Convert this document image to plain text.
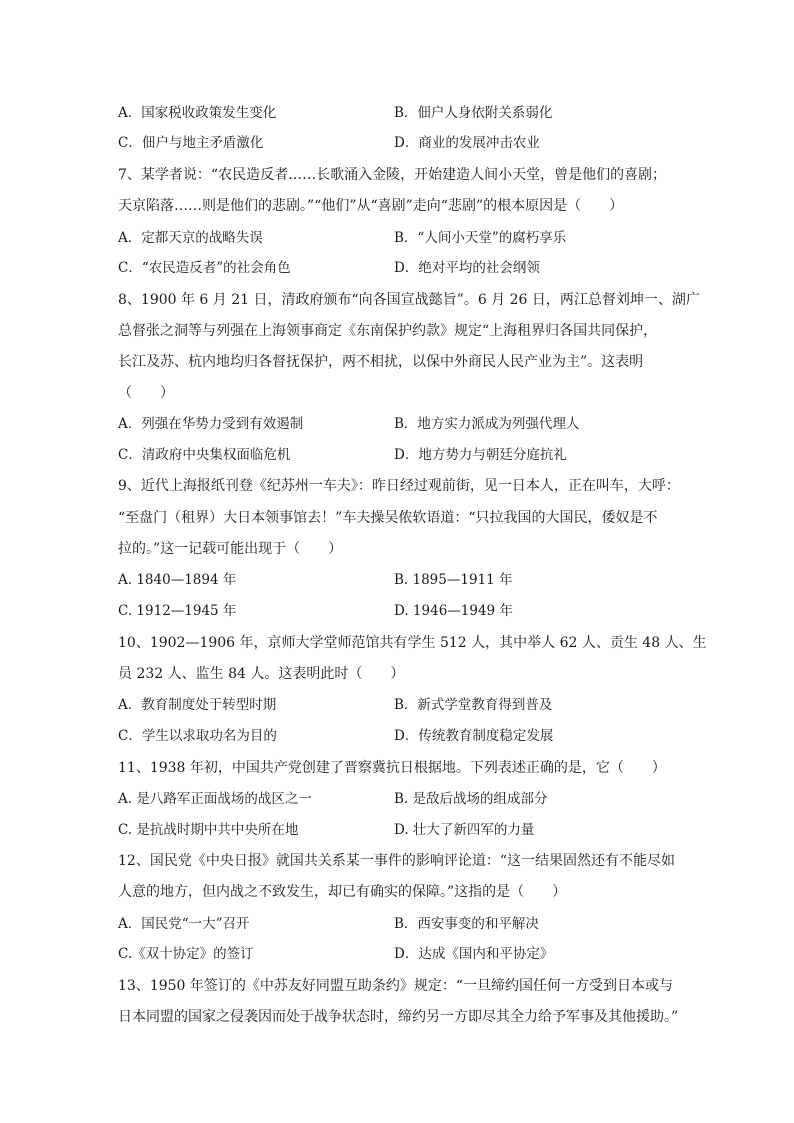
A．国家税收政策发生变化	B．佃户人身依附关系弱化
C．佃户与地主矛盾激化	D．商业的发展冲击农业
7、某学者说：“农民造反者……长歌涌入金陵，开始建造人间小天堂，曾是他们的喜剧；
天京陷落……则是他们的悲剧。”“他们”从“喜剧”走向“悲剧”的根本原因是（　　）
A．定都天京的战略失误	B．“人间小天堂”的腐朽享乐
C．“农民造反者”的社会角色	D．绝对平均的社会纲领
8、1900 年 6 月 21 日，清政府颁布“向各国宣战懿旨”。6 月 26 日，两江总督刘坤一、湖广
总督张之洞等与列强在上海领事商定《东南保护约款》规定“上海租界归各国共同保护，
长江及苏、杭内地均归各督抚保护，两不相扰，以保中外商民人民产业为主”。这表明
（　　）
A．列强在华势力受到有效遏制	B．地方实力派成为列强代理人
C．清政府中央集权面临危机	D．地方势力与朝廷分庭抗礼
9、近代上海报纸刊登《纪苏州一车夫》：昨日经过观前街，见一日本人，正在叫车，大呼：
“至盘门（租界）大日本领事馆去！”车夫操吴侬软语道：“只拉我国的大国民，倭奴是不
拉的。”这一记载可能出现于（　　）
A. 1840—1894 年	B. 1895—1911 年
C. 1912—1945 年	D. 1946—1949 年
10、1902—1906 年，京师大学堂师范馆共有学生 512 人，其中举人 62 人、贡生 48 人、生
员 232 人、监生 84 人。这表明此时（　　）
A．教育制度处于转型时期	B．新式学堂教育得到普及
C．学生以求取功名为目的	D．传统教育制度稳定发展
11、1938 年初，中国共产党创建了晋察冀抗日根据地。下列表述正确的是，它（　　）
A. 是八路军正面战场的战区之一	B. 是敌后战场的组成部分
C. 是抗战时期中共中央所在地	D. 壮大了新四军的力量
12、国民党《中央日报》就国共关系某一事件的影响评论道：“这一结果固然还有不能尽如
人意的地方，但内战之不致发生，却已有确实的保障。”这指的是（　　）
A．国民党“一大”召开	B．西安事变的和平解决
C.《双十协定》的签订	D．达成《国内和平协定》
13、1950 年签订的《中苏友好同盟互助条约》规定：“一旦缔约国任何一方受到日本或与
日本同盟的国家之侵袭因而处于战争状态时，缔约另一方即尽其全力给予军事及其他援助。”
